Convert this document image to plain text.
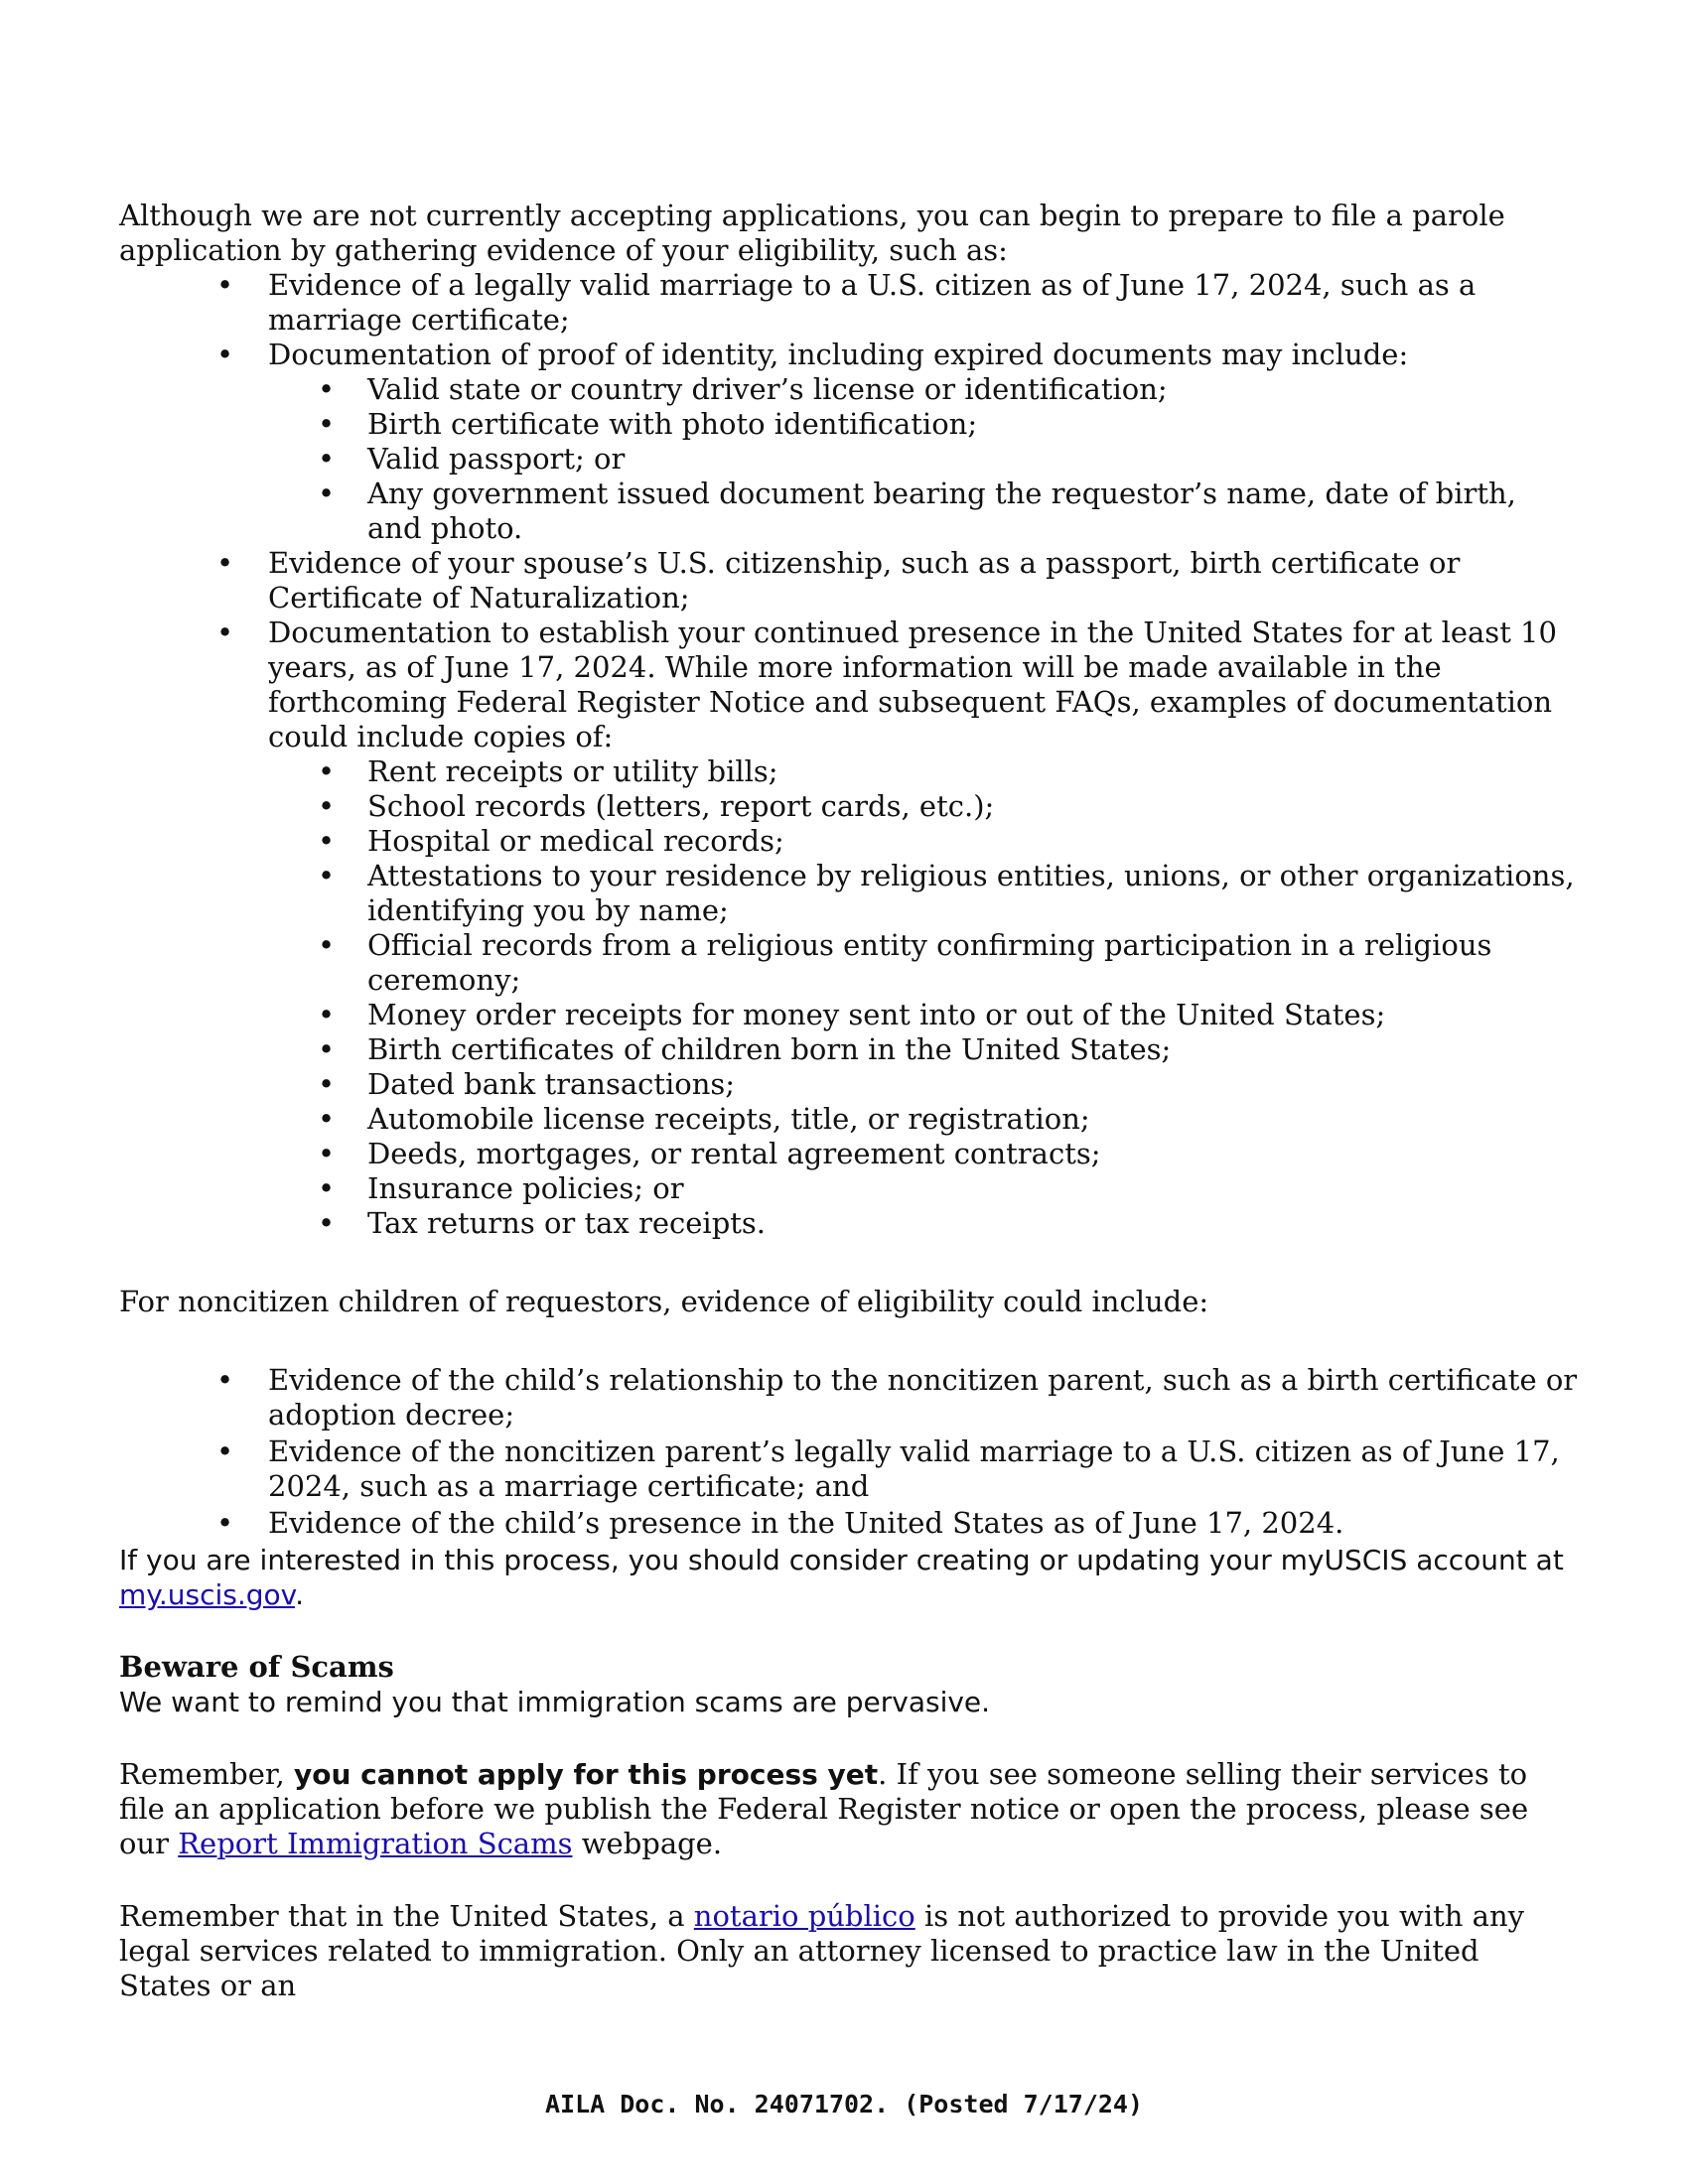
Although we are not currently accepting applications, you can begin to prepare to file a parole application by gathering evidence of your eligibility, such as:

• Evidence of a legally valid marriage to a U.S. citizen as of June 17, 2024, such as a marriage certificate;
• Documentation of proof of identity, including expired documents may include:
• Valid state or country driver’s license or identification;
• Birth certificate with photo identification;
• Valid passport; or
• Any government issued document bearing the requestor’s name, date of birth, and photo.
• Evidence of your spouse’s U.S. citizenship, such as a passport, birth certificate or Certificate of Naturalization;
• Documentation to establish your continued presence in the United States for at least 10 years, as of June 17, 2024. While more information will be made available in the forthcoming Federal Register Notice and subsequent FAQs, examples of documentation could include copies of:
• Rent receipts or utility bills;
• School records (letters, report cards, etc.);
• Hospital or medical records;
• Attestations to your residence by religious entities, unions, or other organizations, identifying you by name;
• Official records from a religious entity confirming participation in a religious ceremony;
• Money order receipts for money sent into or out of the United States;
• Birth certificates of children born in the United States;
• Dated bank transactions;
• Automobile license receipts, title, or registration;
• Deeds, mortgages, or rental agreement contracts;
• Insurance policies; or
• Tax returns or tax receipts.

For noncitizen children of requestors, evidence of eligibility could include:

• Evidence of the child’s relationship to the noncitizen parent, such as a birth certificate or adoption decree;
• Evidence of the noncitizen parent’s legally valid marriage to a U.S. citizen as of June 17, 2024, such as a marriage certificate; and
• Evidence of the child’s presence in the United States as of June 17, 2024.

If you are interested in this process, you should consider creating or updating your myUSCIS account at my.uscis.gov.

Beware of Scams

We want to remind you that immigration scams are pervasive.

Remember, you cannot apply for this process yet. If you see someone selling their services to file an application before we publish the Federal Register notice or open the process, please see our Report Immigration Scams webpage.

Remember that in the United States, a notario público is not authorized to provide you with any legal services related to immigration. Only an attorney licensed to practice law in the United States or an

AILA Doc. No. 24071702. (Posted 7/17/24)
